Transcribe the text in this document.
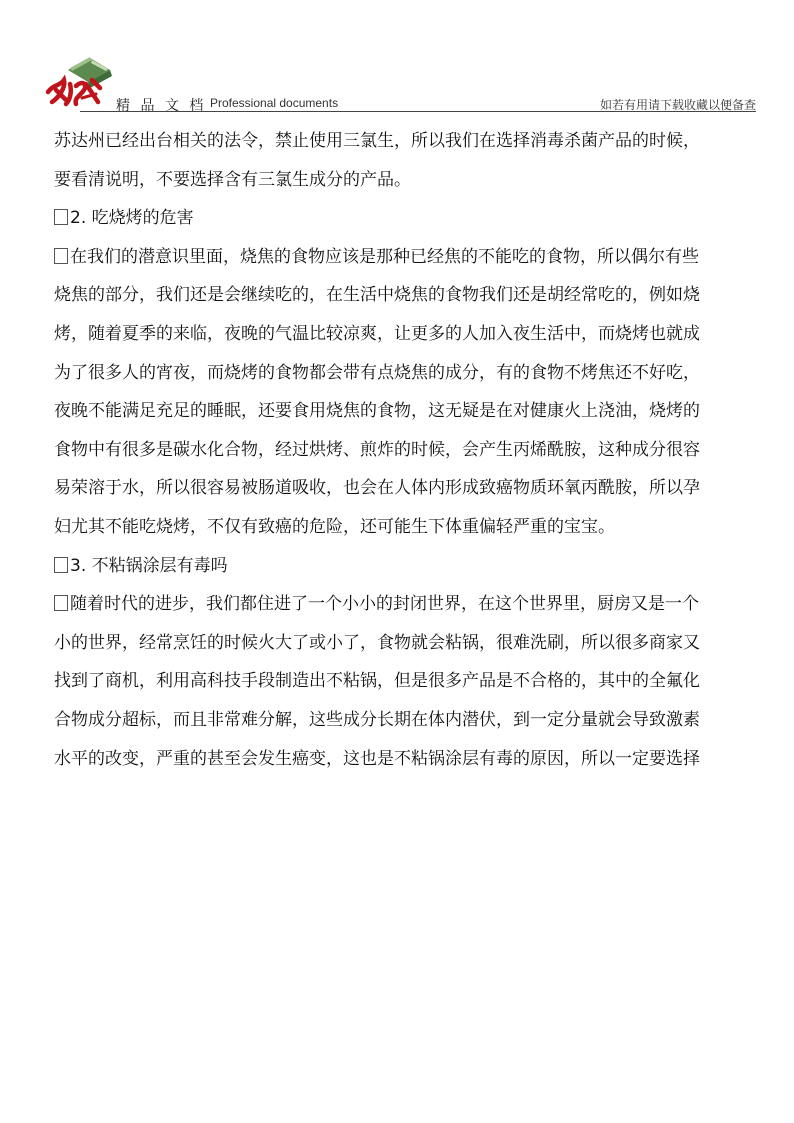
精 品 文 档 Professional documents	如若有用请下载收藏以便备查

苏达州已经出台相关的法令，禁止使用三氯生，所以我们在选择消毒杀菌产品的时候，

要看清说明，不要选择含有三氯生成分的产品。

2. 吃烧烤的危害

在我们的潜意识里面，烧焦的食物应该是那种已经焦的不能吃的食物，所以偶尔有些

烧焦的部分，我们还是会继续吃的，在生活中烧焦的食物我们还是胡经常吃的，例如烧

烤，随着夏季的来临，夜晚的气温比较凉爽，让更多的人加入夜生活中，而烧烤也就成

为了很多人的宵夜，而烧烤的食物都会带有点烧焦的成分，有的食物不烤焦还不好吃，

夜晚不能满足充足的睡眠，还要食用烧焦的食物，这无疑是在对健康火上浇油，烧烤的

食物中有很多是碳水化合物，经过烘烤、煎炸的时候，会产生丙烯酰胺，这种成分很容

易荣溶于水，所以很容易被肠道吸收，也会在人体内形成致癌物质环氧丙酰胺，所以孕

妇尤其不能吃烧烤，不仅有致癌的危险，还可能生下体重偏轻严重的宝宝。

3. 不粘锅涂层有毒吗

随着时代的进步，我们都住进了一个小小的封闭世界，在这个世界里，厨房又是一个

小的世界，经常烹饪的时候火大了或小了，食物就会粘锅，很难洗刷，所以很多商家又

找到了商机，利用高科技手段制造出不粘锅，但是很多产品是不合格的，其中的全氟化

合物成分超标，而且非常难分解，这些成分长期在体内潜伏，到一定分量就会导致激素

水平的改变，严重的甚至会发生癌变，这也是不粘锅涂层有毒的原因，所以一定要选择
